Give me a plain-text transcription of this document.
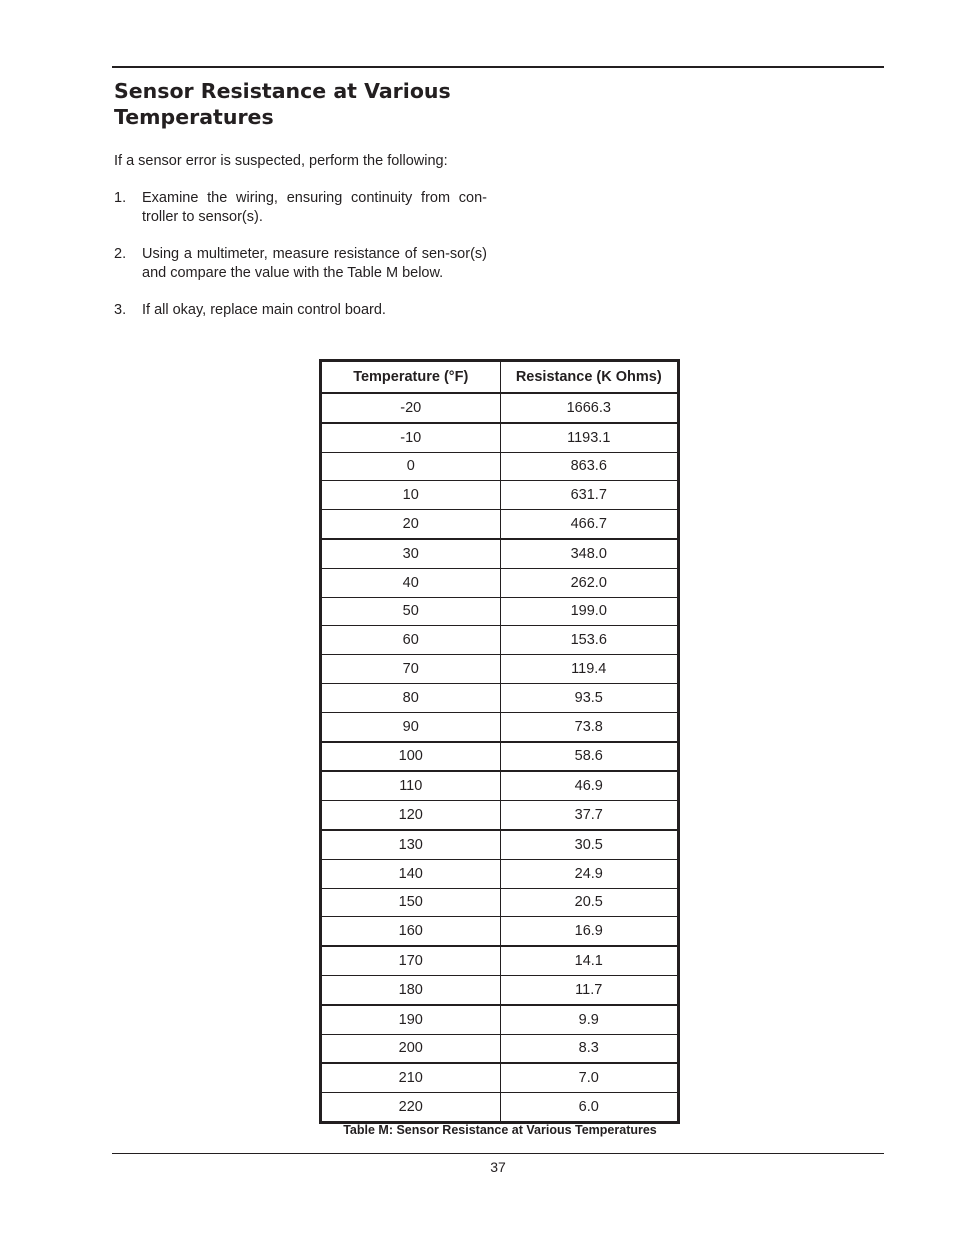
Sensor Resistance at Various Temperatures

If a sensor error is suspected, perform the following:

1.	Examine the wiring, ensuring continuity from con-troller to sensor(s).
2.	Using a multimeter, measure resistance of sen-sor(s) and compare the value with the Table M below.
3.	If all okay, replace main control board.
Temperature (°F)	Resistance (K Ohms)
-20	1666.3
-10	1193.1
0	863.6
10	631.7
20	466.7
30	348.0
40	262.0
50	199.0
60	153.6
70	119.4
80	93.5
90	73.8
100	58.6
110	46.9
120	37.7
130	30.5
140	24.9
150	20.5
160	16.9
170	14.1
180	11.7
190	9.9
200	8.3
210	7.0
220	6.0
Table M: Sensor Resistance at Various Temperatures
37
